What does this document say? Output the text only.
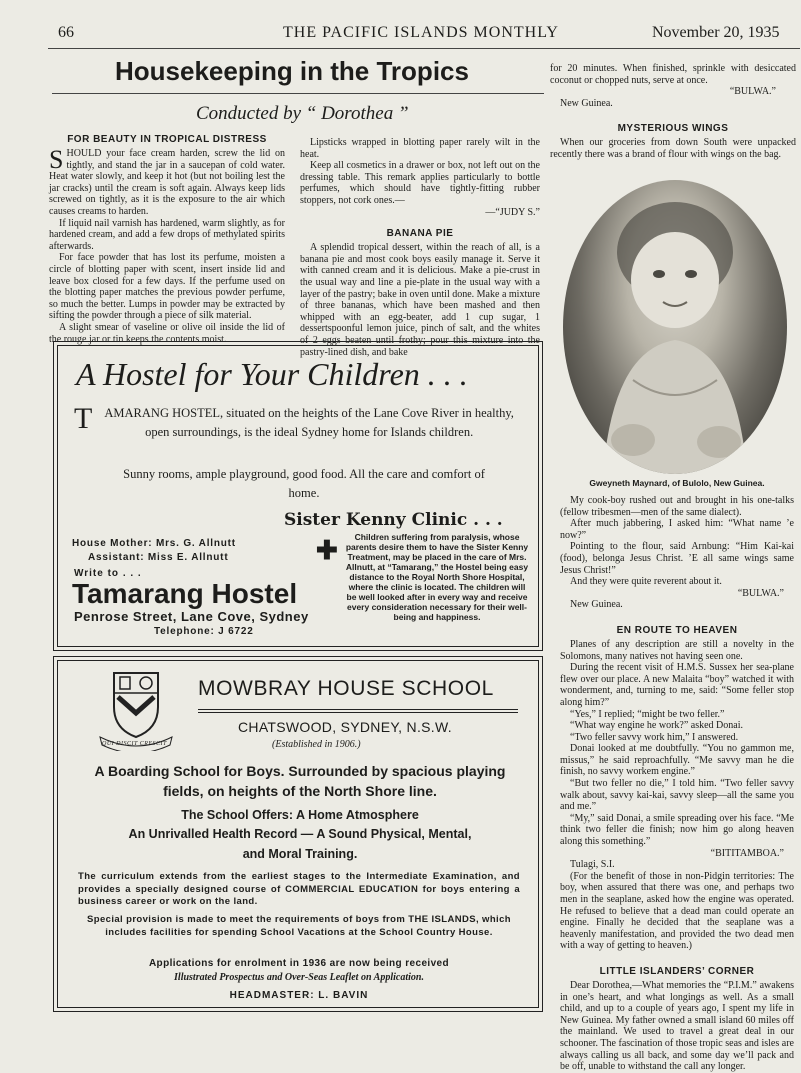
66	THE PACIFIC ISLANDS MONTHLY	November 20, 1935
Housekeeping in the Tropics
Conducted by “ Dorothea ”
FOR BEAUTY IN TROPICAL DISTRESS

SHOULD your face cream harden, screw the lid on tightly, and stand the jar in a saucepan of cold water. Heat water slowly, and keep it hot (but not boiling lest the jar cracks) until the cream is soft again. Always keep lids screwed on tightly, as it is the exposure to the air which causes creams to harden.

If liquid nail varnish has hardened, warm slightly, as for hardened cream, and add a few drops of methylated spirits afterwards.

For face powder that has lost its perfume, moisten a circle of blotting paper with scent, insert inside lid and leave box closed for a few days. If the perfume used on the blotting paper matches the previous powder perfume, so much the better. Lumps in powder may be extracted by sifting the powder through a piece of silk material.

A slight smear of vaseline or olive oil inside the lid of the rouge jar or tin keeps the contents moist.

Lipsticks wrapped in blotting paper rarely wilt in the heat.

Keep all cosmetics in a drawer or box, not left out on the dressing table. This remark applies particularly to bottle perfumes, which should have tightly-fitting rubber stoppers, not cork ones.—

—“JUDY S.”

BANANA PIE

A splendid tropical dessert, within the reach of all, is a banana pie and most cook boys easily manage it. Serve it with canned cream and it is delicious. Make a pie-crust in the usual way and line a pie-plate in the usual way with a layer of the pastry; bake in oven until done. Make a mixture of three bananas, which have been mashed and then whipped with an egg-beater, add 1 cup sugar, 1 dessertspoonful lemon juice, pinch of salt, and the whites of 2 eggs beaten until frothy; pour this mixture into the pastry-lined dish, and bake

for 20 minutes. When finished, sprinkle with desiccated coconut or chopped nuts, serve at once.

“BULWA.”

New Guinea.

MYSTERIOUS WINGS

When our groceries from down South were unpacked recently there was a brand of flour with wings on the bag.

Gweyneth Maynard, of Bulolo, New Guinea.

My cook-boy rushed out and brought in his one-talks (fellow tribesmen—men of the same dialect).

After much jabbering, I asked him: “What name ’e now?”

Pointing to the flour, said Arnbung: “Him Kai-kai (food), belonga Jesus Christ. ’E all same wings same Jesus Christ!”

And they were quite reverent about it.

“BULWA.”

New Guinea.

EN ROUTE TO HEAVEN

Planes of any description are still a novelty in the Solomons, many natives not having seen one.

During the recent visit of H.M.S. Sussex her sea-plane flew over our place. A new Malaita “boy” watched it with wonderment, and, turning to me, said: “Some feller stop along him?”

“Yes,” I replied; “might be two feller.”

“What way engine he work?” asked Donai.

“Two feller savvy work him,” I answered.

Donai looked at me doubtfully. “You no gammon me, missus,” he said reproachfully. “Me savvy man he die finish, no savvy workem engine.”

“But two feller no die,” I told him. “Two feller savvy walk about, savvy kai-kai, savvy sleep—all the same you and me.”

“My,” said Donai, a smile spreading over his face. “Me think two feller die finish; now him go along heaven along this something.”

“BITITAMBOA.”

Tulagi, S.I.

(For the benefit of those in non-Pidgin territories: The boy, when assured that there was one, and perhaps two men in the seaplane, asked how the engine was operated. He refused to believe that a dead man could operate an engine. Finally he decided that the seaplane was a heavenly manifestation, and provided the two dead men with a way of getting to heaven.)

LITTLE ISLANDERS’ CORNER

Dear Dorothea,—What memories the “P.I.M.” awakens in one’s heart, and what longings as well. As a small child, and up to a couple of years ago, I spent my life in New Guinea. My father owned a small island 60 miles off the mainland. We used to travel a great deal in our schooner. The fascination of those tropic seas and isles are always calling us all back, and some day we’ll pack and be off, unable to withstand the call any longer.

A Hostel for Your Children . . .
TAMARANG HOSTEL, situated on the heights of the Lane Cove River in healthy, open surroundings, is the ideal Sydney home for Islands children.
Sunny rooms, ample playground, good food. All the care and comfort of home.
Sister Kenny Clinic . . .
House Mother: Mrs. G. Allnutt
Assistant: Miss E. Allnutt
Write to . . .
✚	Children suffering from paralysis, whose parents desire them to have the Sister Kenny Treatment, may be placed in the care of Mrs. Allnutt, at “Tamarang,” the Hostel being easy distance to the Royal North Shore Hospital, where the clinic is located. The children will be well looked after in every way and receive every consideration necessary for their well-being and happiness.
Tamarang Hostel
Penrose Street, Lane Cove, Sydney
Telephone: J 6722
QUI DISCIT CRESCIT
MOWBRAY HOUSE SCHOOL
CHATSWOOD, SYDNEY, N.S.W.
(Established in 1906.)
A Boarding School for Boys. Surrounded by spacious playing fields, on heights of the North Shore line.
The School Offers: A Home Atmosphere
An Unrivalled Health Record — A Sound Physical, Mental,
and Moral Training.
The curriculum extends from the earliest stages to the Intermediate Examination, and provides a specially designed course of COMMERCIAL EDUCATION for boys entering a business career or work on the land.
Special provision is made to meet the requirements of boys from THE ISLANDS, which includes facilities for spending School Vacations at the School Country House.
Applications for enrolment in 1936 are now being received
Illustrated Prospectus and Over-Seas Leaflet on Application.
HEADMASTER: L. BAVIN
